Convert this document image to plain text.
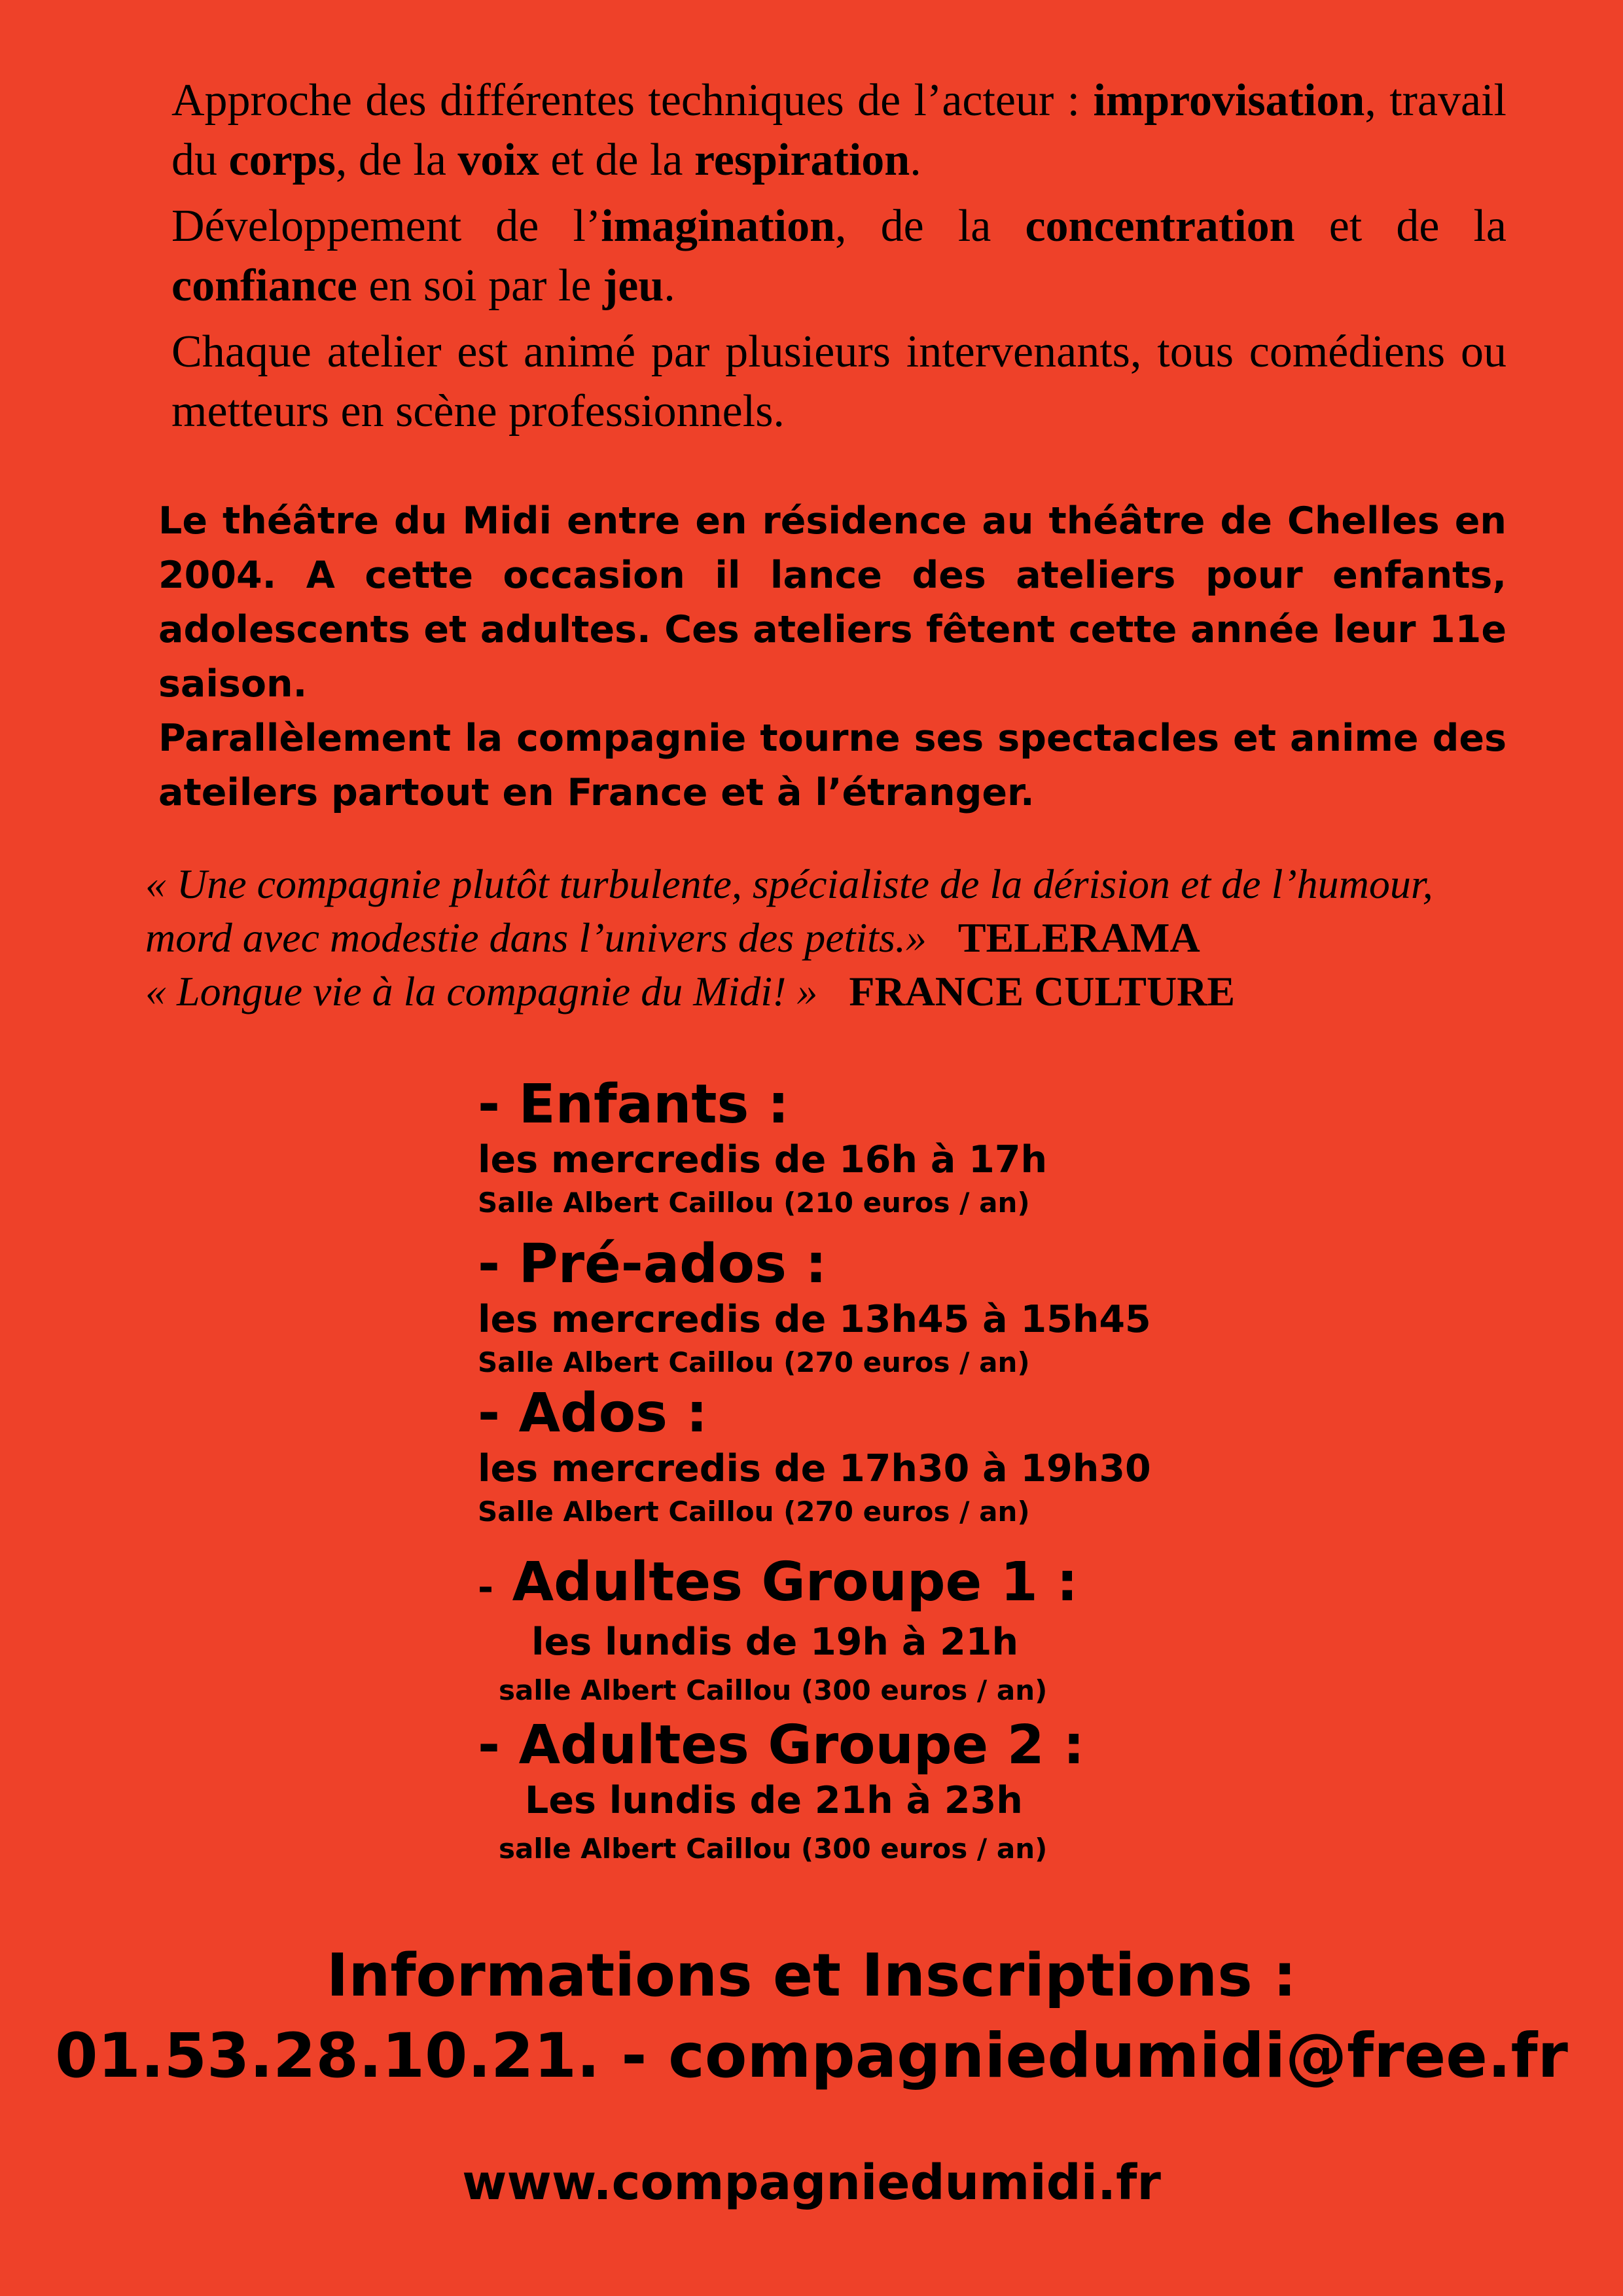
Approche des différentes techniques de l’acteur : improvisation, travail du corps, de la voix et de la respiration.

Développement de l’imagination, de la concentration et de la confiance en soi par le jeu.

Chaque atelier est animé par plusieurs intervenants, tous comédiens ou metteurs en scène professionnels.

Le théâtre du Midi entre en résidence au théâtre de Chelles en 2004. A cette occasion il lance des ateliers pour enfants, adolescents et adultes. Ces ateliers fêtent cette année leur 11e saison.

Parallèlement la compagnie tourne ses spectacles et anime des ateilers partout en France et à l’étranger.

« Une compagnie plutôt turbulente, spécialiste de la dérision et de l’humour,

mord avec modestie dans l’univers des petits.» TELERAMA

« Longue vie à la compagnie du Midi! » FRANCE CULTURE

- Enfants :
les mercredis de 16h à 17h
Salle Albert Caillou (210 euros / an)
- Pré-ados :
les mercredis de 13h45 à 15h45
Salle Albert Caillou (270 euros / an)
- Ados :
les mercredis de 17h30 à 19h30
Salle Albert Caillou (270 euros / an)
- Adultes Groupe 1 :
les lundis de 19h à 21h
salle Albert Caillou (300 euros / an)
- Adultes Groupe 2 :
Les lundis de 21h à 23h
salle Albert Caillou (300 euros / an)
Informations et Inscriptions :
01.53.28.10.21. - compagniedumidi@free.fr
www.compagniedumidi.fr
